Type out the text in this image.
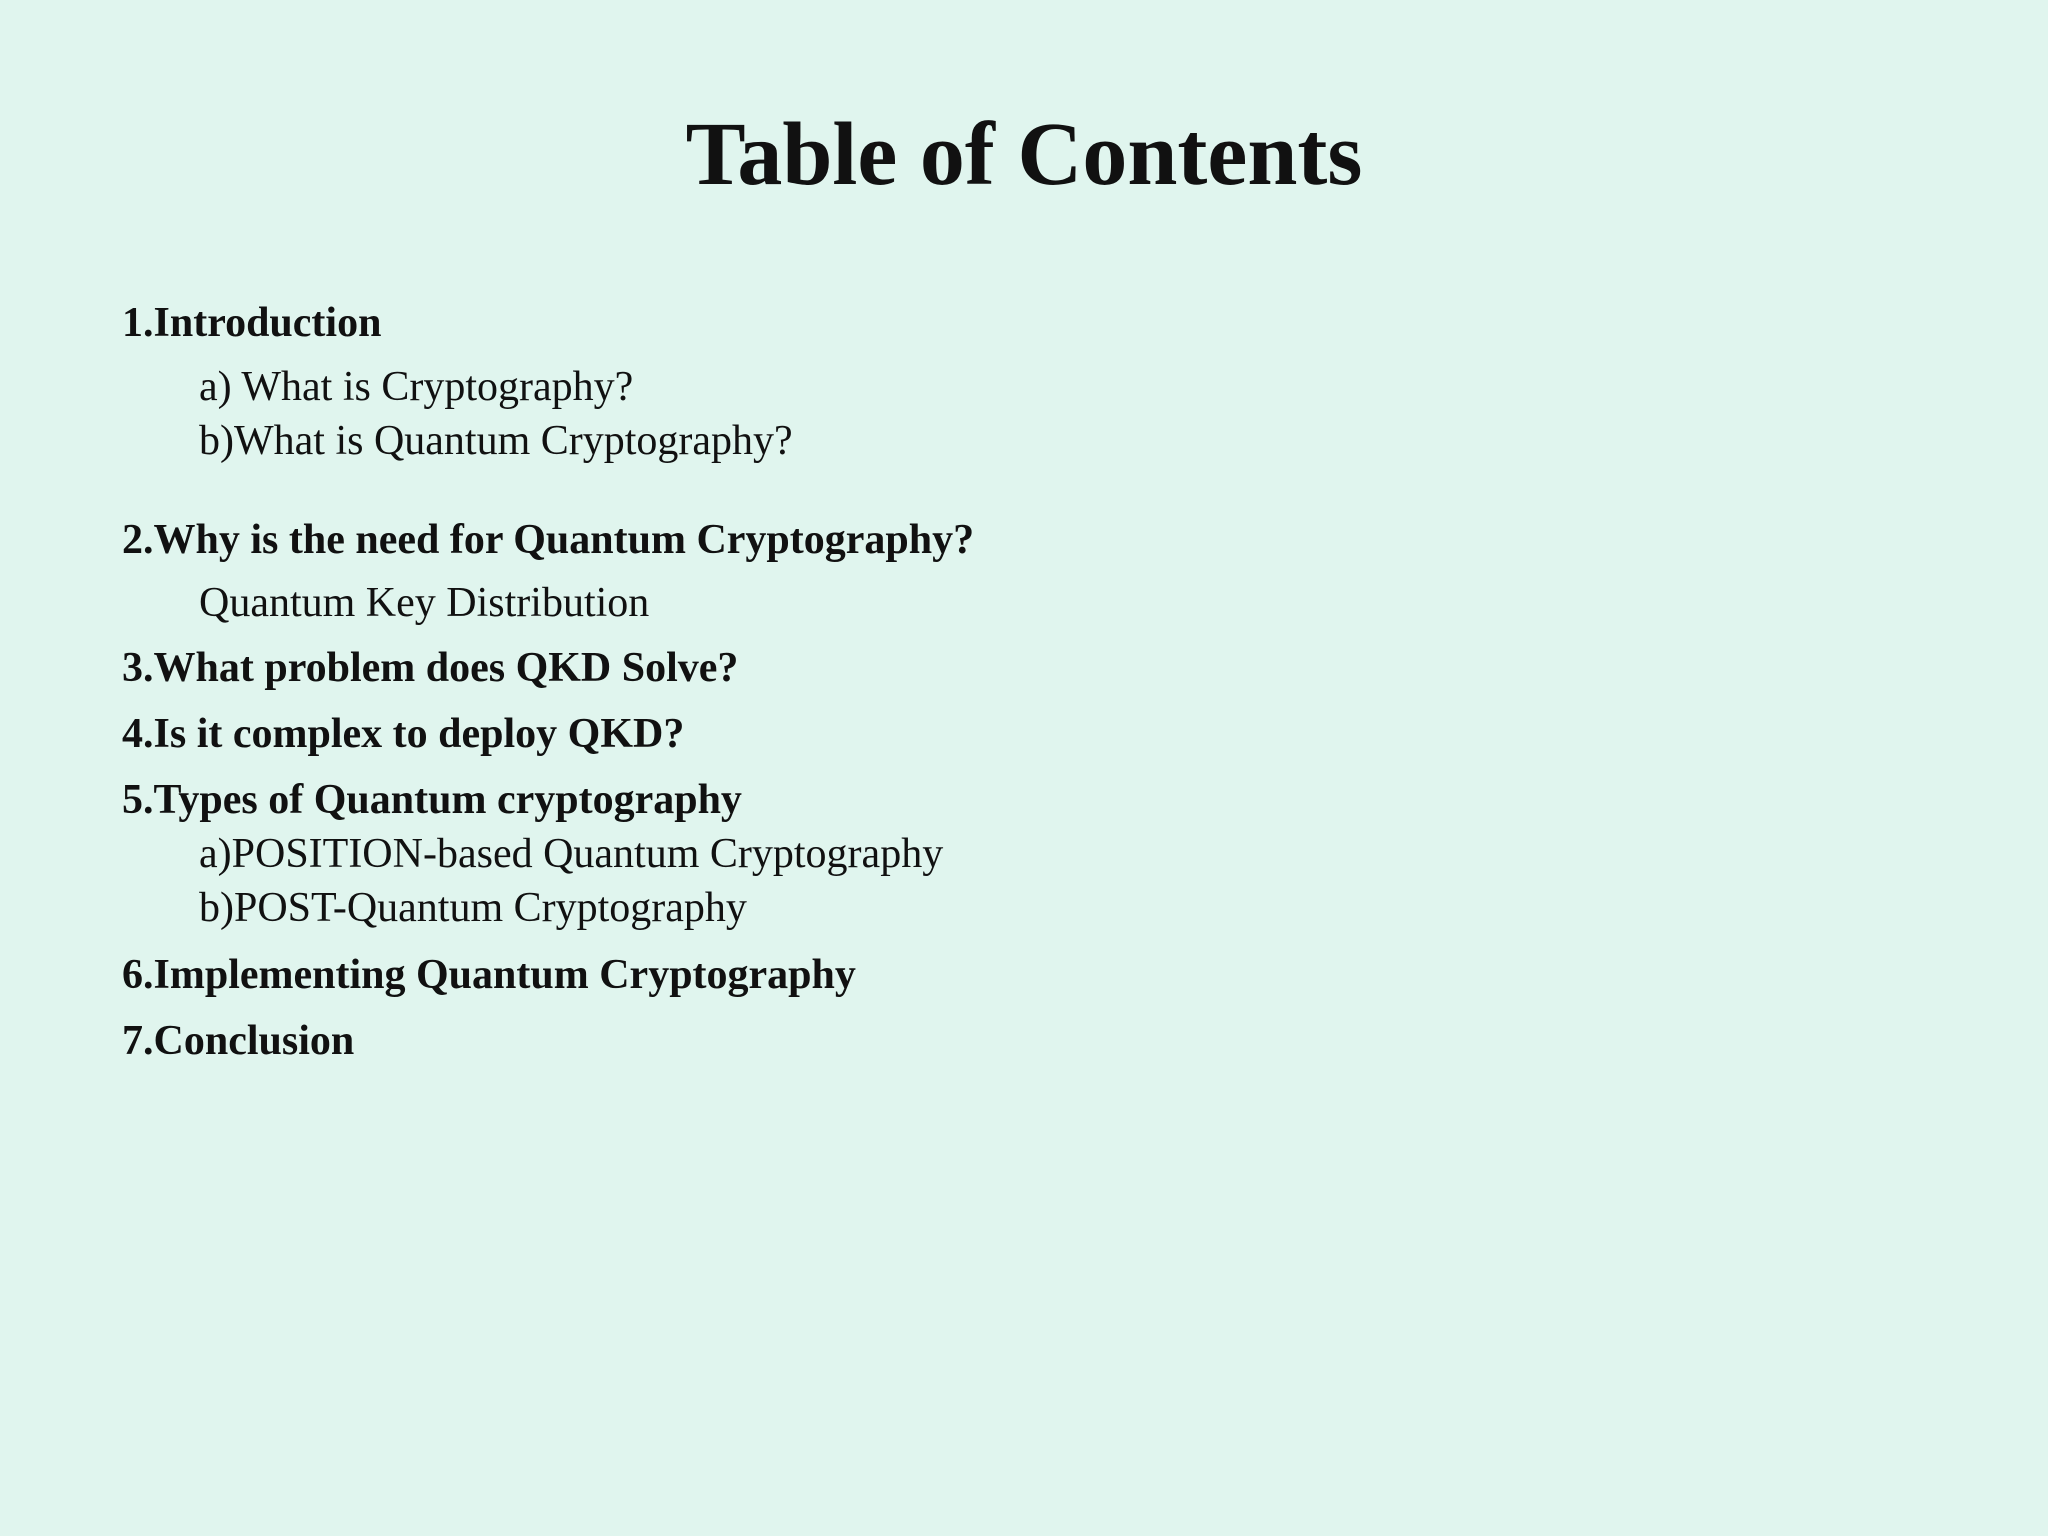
Table of Contents

1.Introduction

a) What is Cryptography?

b)What is Quantum Cryptography?

2.Why is the need for Quantum Cryptography?

Quantum Key Distribution

3.What problem does QKD Solve?

4.Is it complex to deploy QKD?

5.Types of Quantum cryptography

a)POSITION-based Quantum Cryptography

b)POST-Quantum Cryptography

6.Implementing Quantum Cryptography

7.Conclusion
